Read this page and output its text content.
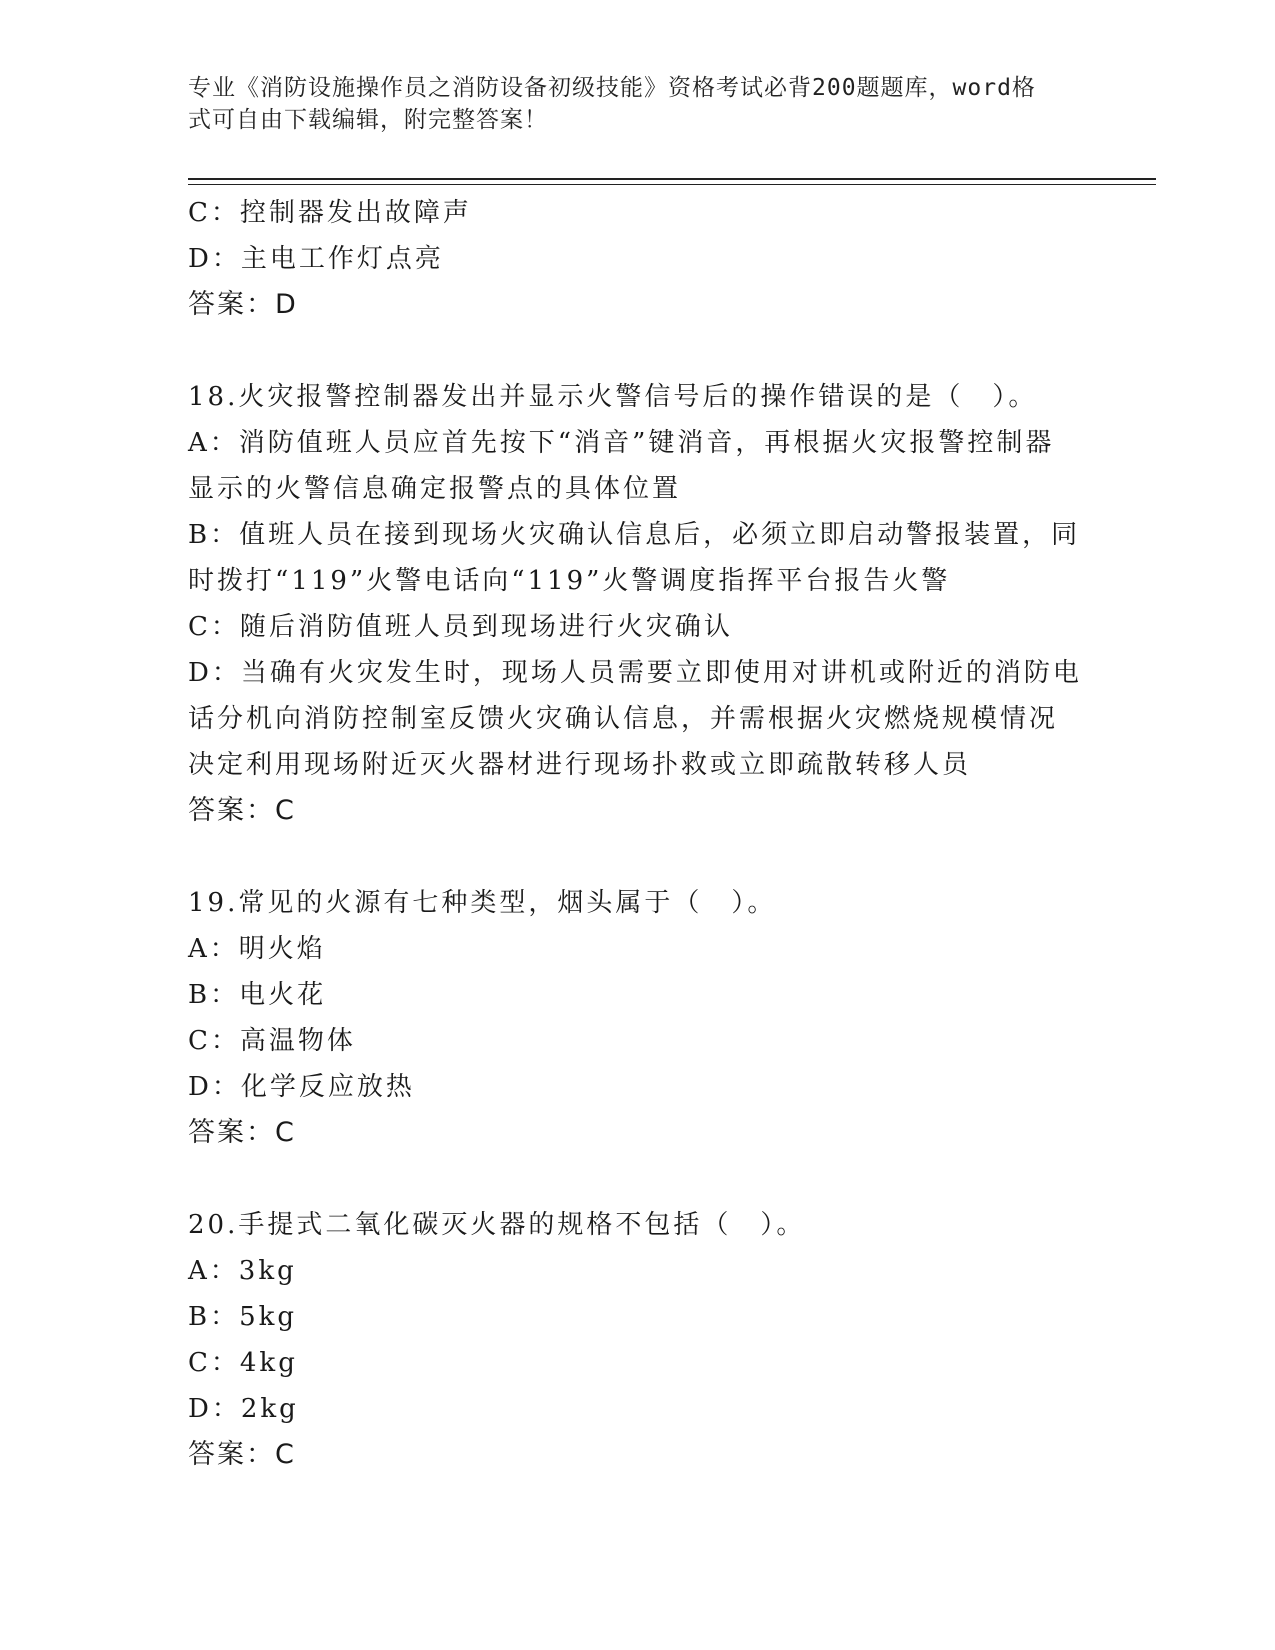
专业《消防设施操作员之消防设备初级技能》资格考试必背200题题库，word格
式可自由下载编辑，附完整答案！
C：控制器发出故障声
D：主电工作灯点亮
答案：D
18.火灾报警控制器发出并显示火警信号后的操作错误的是（　）。
A：消防值班人员应首先按下“消音”键消音，再根据火灾报警控制器
显示的火警信息确定报警点的具体位置
B：值班人员在接到现场火灾确认信息后，必须立即启动警报装置，同
时拨打“119”火警电话向“119”火警调度指挥平台报告火警
C：随后消防值班人员到现场进行火灾确认
D：当确有火灾发生时，现场人员需要立即使用对讲机或附近的消防电
话分机向消防控制室反馈火灾确认信息，并需根据火灾燃烧规模情况
决定利用现场附近灭火器材进行现场扑救或立即疏散转移人员
答案：C
19.常见的火源有七种类型，烟头属于（　）。
A：明火焰
B：电火花
C：高温物体
D：化学反应放热
答案：C
20.手提式二氧化碳灭火器的规格不包括（　）。
A：3kg
B：5kg
C：4kg
D：2kg
答案：C
